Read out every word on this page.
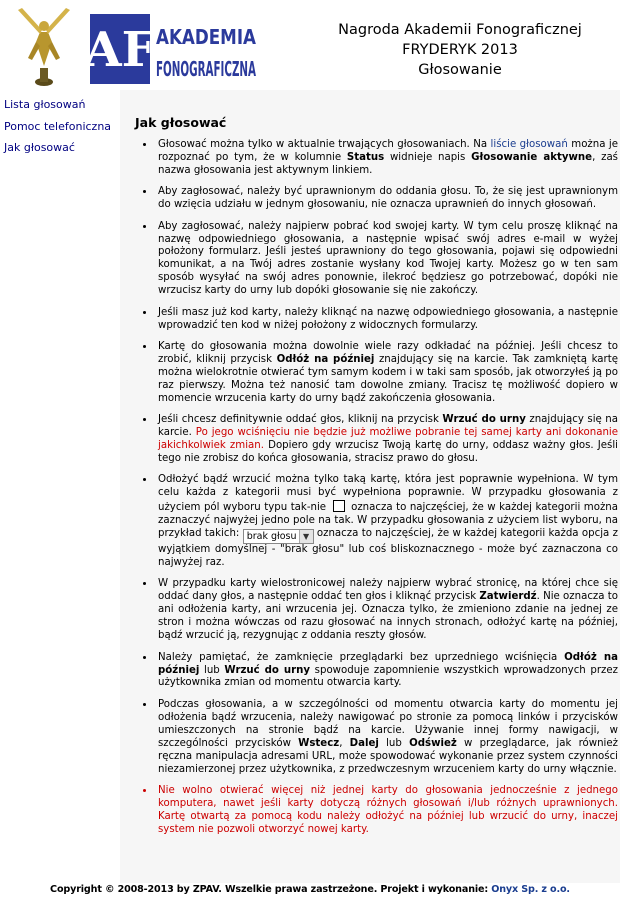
AF AKADEMIA
FONOGRAFICZNA
Nagroda Akademii Fonograficznej
FRYDERYK 2013
Głosowanie
Lista głosowań
Pomoc telefoniczna
Jak głosować
Jak głosować
• Głosować można tylko w aktualnie trwających głosowaniach. Na liście głosowań można je rozpoznać po tym, że w kolumnie Status widnieje napis Głosowanie aktywne, zaś nazwa głosowania jest aktywnym linkiem.
• Aby zagłosować, należy być uprawnionym do oddania głosu. To, że się jest uprawnionym do wzięcia udziału w jednym głosowaniu, nie oznacza uprawnień do innych głosowań.
• Aby zagłosować, należy najpierw pobrać kod swojej karty. W tym celu proszę kliknąć na nazwę odpowiedniego głosowania, a następnie wpisać swój adres e-mail w wyżej położony formularz. Jeśli jesteś uprawniony do tego głosowania, pojawi się odpowiedni komunikat, a na Twój adres zostanie wysłany kod Twojej karty. Możesz go w ten sam sposób wysyłać na swój adres ponownie, ilekroć będziesz go potrzebować, dopóki nie wrzucisz karty do urny lub dopóki głosowanie się nie zakończy.
• Jeśli masz już kod karty, należy kliknąć na nazwę odpowiedniego głosowania, a następnie wprowadzić ten kod w niżej położony z widocznych formularzy.
• Kartę do głosowania można dowolnie wiele razy odkładać na później. Jeśli chcesz to zrobić, kliknij przycisk Odłóż na później znajdujący się na karcie. Tak zamkniętą kartę można wielokrotnie otwierać tym samym kodem i w taki sam sposób, jak otworzyłeś ją po raz pierwszy. Można też nanosić tam dowolne zmiany. Tracisz tę możliwość dopiero w momencie wrzucenia karty do urny bądź zakończenia głosowania.
• Jeśli chcesz definitywnie oddać głos, kliknij na przycisk Wrzuć do urny znajdujący się na karcie. Po jego wciśnięciu nie będzie już możliwe pobranie tej samej karty ani dokonanie jakichkolwiek zmian. Dopiero gdy wrzucisz Twoją kartę do urny, oddasz ważny głos. Jeśli tego nie zrobisz do końca głosowania, stracisz prawo do głosu.
• Odłożyć bądź wrzucić można tylko taką kartę, która jest poprawnie wypełniona. W tym celu każda z kategorii musi być wypełniona poprawnie. W przypadku głosowania z użyciem pól wyboru typu tak-nie  oznacza to najczęściej, że w każdej kategorii można zaznaczyć najwyżej jedno pole na tak. W przypadku głosowania z użyciem list wyboru, na przykład takich: brak głosu ▼ oznacza to najczęściej, że w każdej kategorii każda opcja z wyjątkiem domyślnej - "brak głosu" lub coś bliskoznacznego - może być zaznaczona co najwyżej raz.
• W przypadku karty wielostronicowej należy najpierw wybrać stronicę, na której chce się oddać dany głos, a następnie oddać ten głos i kliknąć przycisk Zatwierdź. Nie oznacza to ani odłożenia karty, ani wrzucenia jej. Oznacza tylko, że zmieniono zdanie na jednej ze stron i można wówczas od razu głosować na innych stronach, odłożyć kartę na później, bądź wrzucić ją, rezygnując z oddania reszty głosów.
• Należy pamiętać, że zamknięcie przeglądarki bez uprzedniego wciśnięcia Odłóż na później lub Wrzuć do urny spowoduje zapomnienie wszystkich wprowadzonych przez użytkownika zmian od momentu otwarcia karty.
• Podczas głosowania, a w szczególności od momentu otwarcia karty do momentu jej odłożenia bądź wrzucenia, należy nawigować po stronie za pomocą linków i przycisków umieszczonych na stronie bądź na karcie. Używanie innej formy nawigacji, w szczególności przycisków Wstecz, Dalej lub Odśwież w przeglądarce, jak również ręczna manipulacja adresami URL, może spowodować wykonanie przez system czynności niezamierzonej przez użytkownika, z przedwczesnym wrzuceniem karty do urny włącznie.
• Nie wolno otwierać więcej niż jednej karty do głosowania jednocześnie z jednego komputera, nawet jeśli karty dotyczą różnych głosowań i/lub różnych uprawnionych. Kartę otwartą za pomocą kodu należy odłożyć na później lub wrzucić do urny, inaczej system nie pozwoli otworzyć nowej karty.
Copyright © 2008-2013 by ZPAV. Wszelkie prawa zastrzeżone. Projekt i wykonanie: Onyx Sp. z o.o.
